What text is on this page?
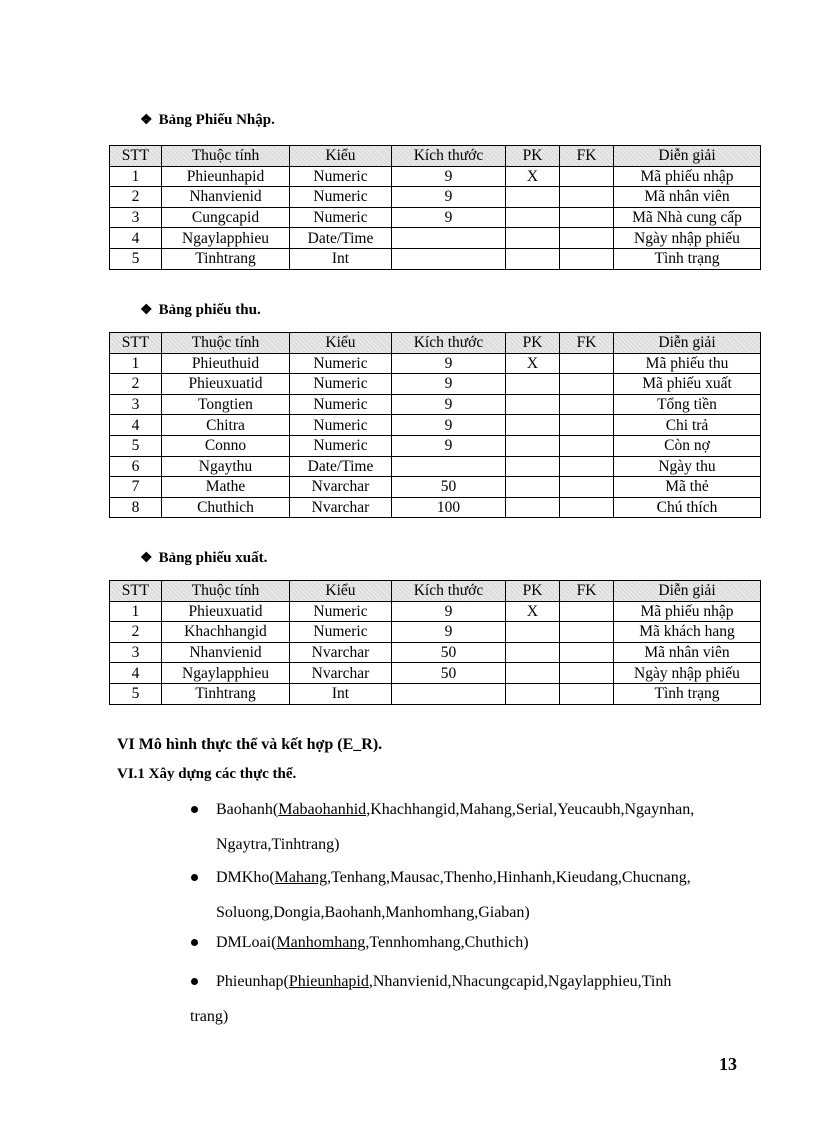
❖ Bảng Phiếu Nhập.
STT	Thuộc tính	Kiểu	Kích thước	PK	FK	Diễn giải
1	Phieunhapid	Numeric	9	X		Mã phiếu nhập
2	Nhanvienid	Numeric	9			Mã nhân viên
3	Cungcapid	Numeric	9			Mã Nhà cung cấp
4	Ngaylapphieu	Date/Time				Ngày nhập phiếu
5	Tinhtrang	Int				Tình trạng
❖ Bảng phiếu thu.
STT	Thuộc tính	Kiểu	Kích thước	PK	FK	Diễn giải
1	Phieuthuid	Numeric	9	X		Mã phiếu thu
2	Phieuxuatid	Numeric	9			Mã phiếu xuất
3	Tongtien	Numeric	9			Tổng tiền
4	Chitra	Numeric	9			Chi trả
5	Conno	Numeric	9			Còn nợ
6	Ngaythu	Date/Time				Ngày thu
7	Mathe	Nvarchar	50			Mã thẻ
8	Chuthich	Nvarchar	100			Chú thích
❖ Bảng phiếu xuất.
STT	Thuộc tính	Kiểu	Kích thước	PK	FK	Diễn giải
1	Phieuxuatid	Numeric	9	X		Mã phiếu nhập
2	Khachhangid	Numeric	9			Mã khách hang
3	Nhanvienid	Nvarchar	50			Mã nhân viên
4	Ngaylapphieu	Nvarchar	50			Ngày nhập phiếu
5	Tinhtrang	Int				Tình trạng
VI Mô hình thực thể và kết hợp (E_R).
VI.1 Xây dựng các thực thể.
Baohanh(Mabaohanhid,Khachhangid,Mahang,Serial,Yeucaubh,Ngaynhan,
Ngaytra,Tinhtrang)
DMKho(Mahang,Tenhang,Mausac,Thenho,Hinhanh,Kieudang,Chucnang,
Soluong,Dongia,Baohanh,Manhomhang,Giaban)
DMLoai(Manhomhang,Tennhomhang,Chuthich)
Phieunhap(Phieunhapid,Nhanvienid,Nhacungcapid,Ngaylapphieu,Tinh
trang)
13
